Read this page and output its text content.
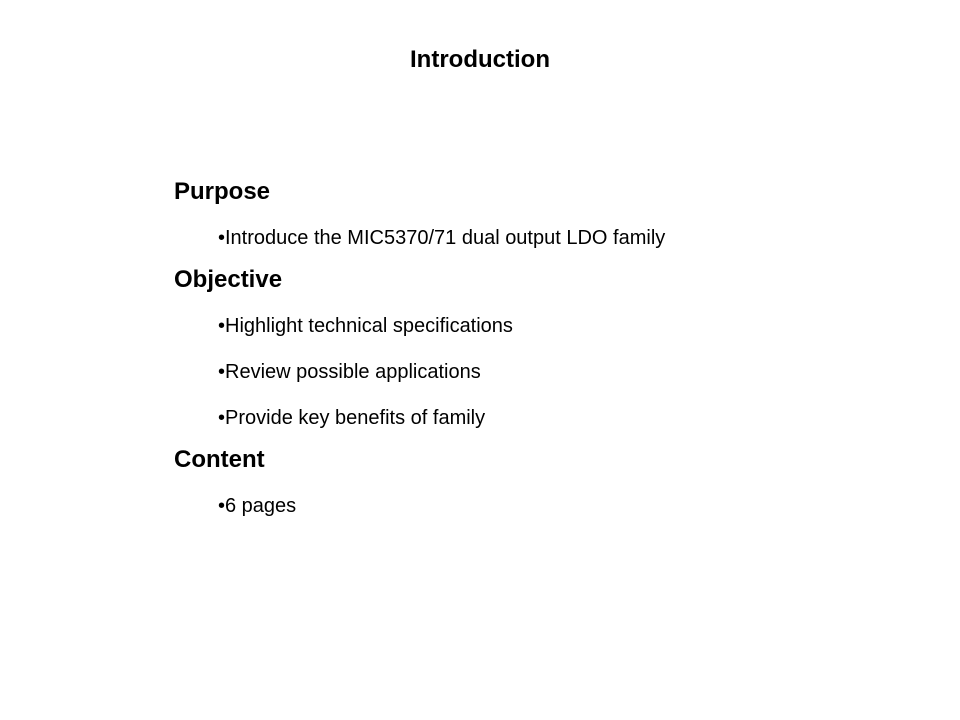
Introduction
Purpose
•Introduce the MIC5370/71 dual output LDO family
Objective
•Highlight technical specifications
•Review possible applications
•Provide key benefits of family
Content
•6 pages
